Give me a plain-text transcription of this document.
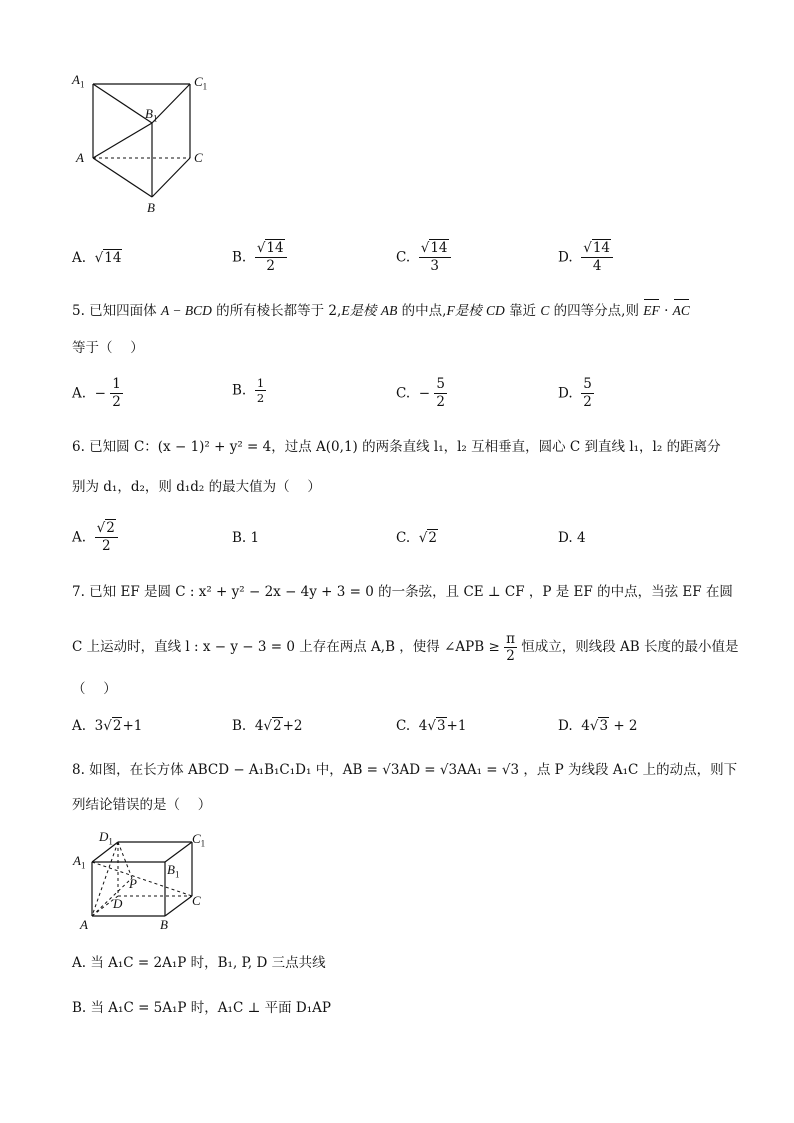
$A_1$	$C_1$
$B_1$
A	C
B
A. √14	B. $\frac{√14}{2}$	C. $\frac{√14}{3}$	D. $\frac{√14}{4}$
5. 已知四面体 A − BCD 的所有棱长都等于 2,E是棱 AB 的中点,F是棱 CD 靠近 C 的四等分点,则 EF · AC
等于（　 ）
A. − $\frac{1}{2}$	B. $\frac{1}{2}$	C. − $\frac{5}{2}$	D. $\frac{5}{2}$
6. 已知圆 C：(x − 1)² + y² = 4，过点 A(0,1) 的两条直线 l₁，l₂ 互相垂直，圆心 C 到直线 l₁，l₂ 的距离分
别为 d₁，d₂，则 d₁d₂ 的最大值为（　 ）
A. $\frac{√2}{2}$	B. 1	C. √2	D. 4
7. 已知 EF 是圆 C : x² + y² − 2x − 4y + 3 = 0 的一条弦，且 CE ⊥ CF ，P 是 EF 的中点，当弦 EF 在圆
C 上运动时，直线 l : x − y − 3 = 0 上存在两点 A,B ，使得 ∠APB ≥ $\frac{\pi}{2}$ 恒成立，则线段 AB 长度的最小值是
（　 ）
A. 3√2+1	B. 4√2+2	C. 4√3+1	D. 4√3 + 2
8. 如图，在长方体 ABCD − A₁B₁C₁D₁ 中，AB = √3AD = √3AA₁ = √3 ，点 P 为线段 A₁C 上的动点，则下
列结论错误的是（　 ）
$D_1$	$C_1$
$A_1$	$B_1$
P
D	C
A	B
A. 当 A₁C = 2A₁P 时，B₁, P, D 三点共线
B. 当 A₁C = 5A₁P 时，A₁C ⊥ 平面 D₁AP
